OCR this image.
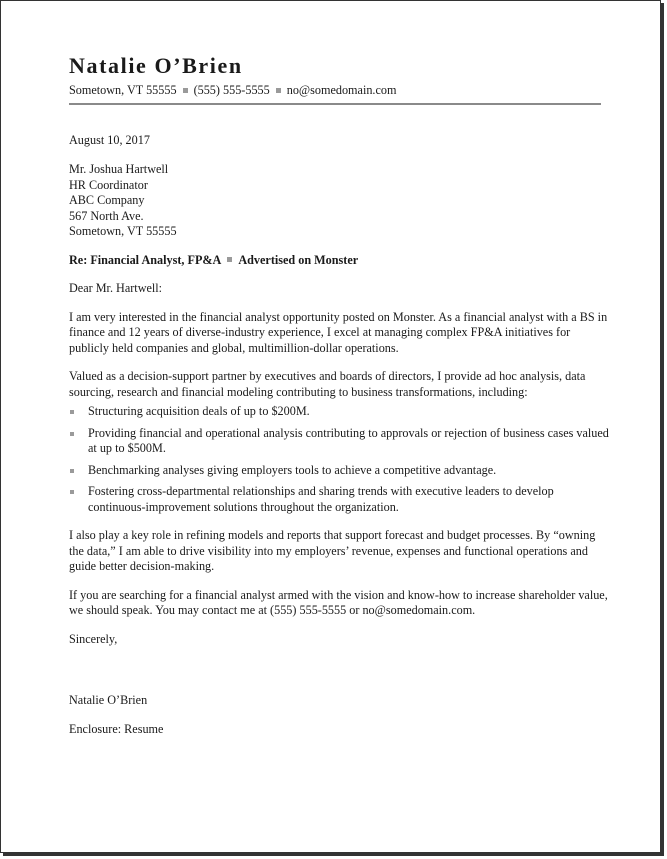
Natalie O’Brien
Sometown, VT 55555 (555) 555-5555 no@somedomain.com
August 10, 2017
Mr. Joshua Hartwell
HR Coordinator
ABC Company
567 North Ave.
Sometown, VT 55555
Re: Financial Analyst, FP&A Advertised on Monster
Dear Mr. Hartwell:
I am very interested in the financial analyst opportunity posted on Monster. As a financial analyst with a BS in finance and 12 years of diverse-industry experience, I excel at managing complex FP&A initiatives for publicly held companies and global, multimillion-dollar operations.
Valued as a decision-support partner by executives and boards of directors, I provide ad hoc analysis, data sourcing, research and financial modeling contributing to business transformations, including:
Structuring acquisition deals of up to $200M.
Providing financial and operational analysis contributing to approvals or rejection of business cases valued at up to $500M.
Benchmarking analyses giving employers tools to achieve a competitive advantage.
Fostering cross-departmental relationships and sharing trends with executive leaders to develop continuous-improvement solutions throughout the organization.
I also play a key role in refining models and reports that support forecast and budget processes. By “owning the data,” I am able to drive visibility into my employers’ revenue, expenses and functional operations and guide better decision-making.
If you are searching for a financial analyst armed with the vision and know-how to increase shareholder value, we should speak. You may contact me at (555) 555-5555 or no@somedomain.com.
Sincerely,
Natalie O’Brien
Enclosure: Resume
